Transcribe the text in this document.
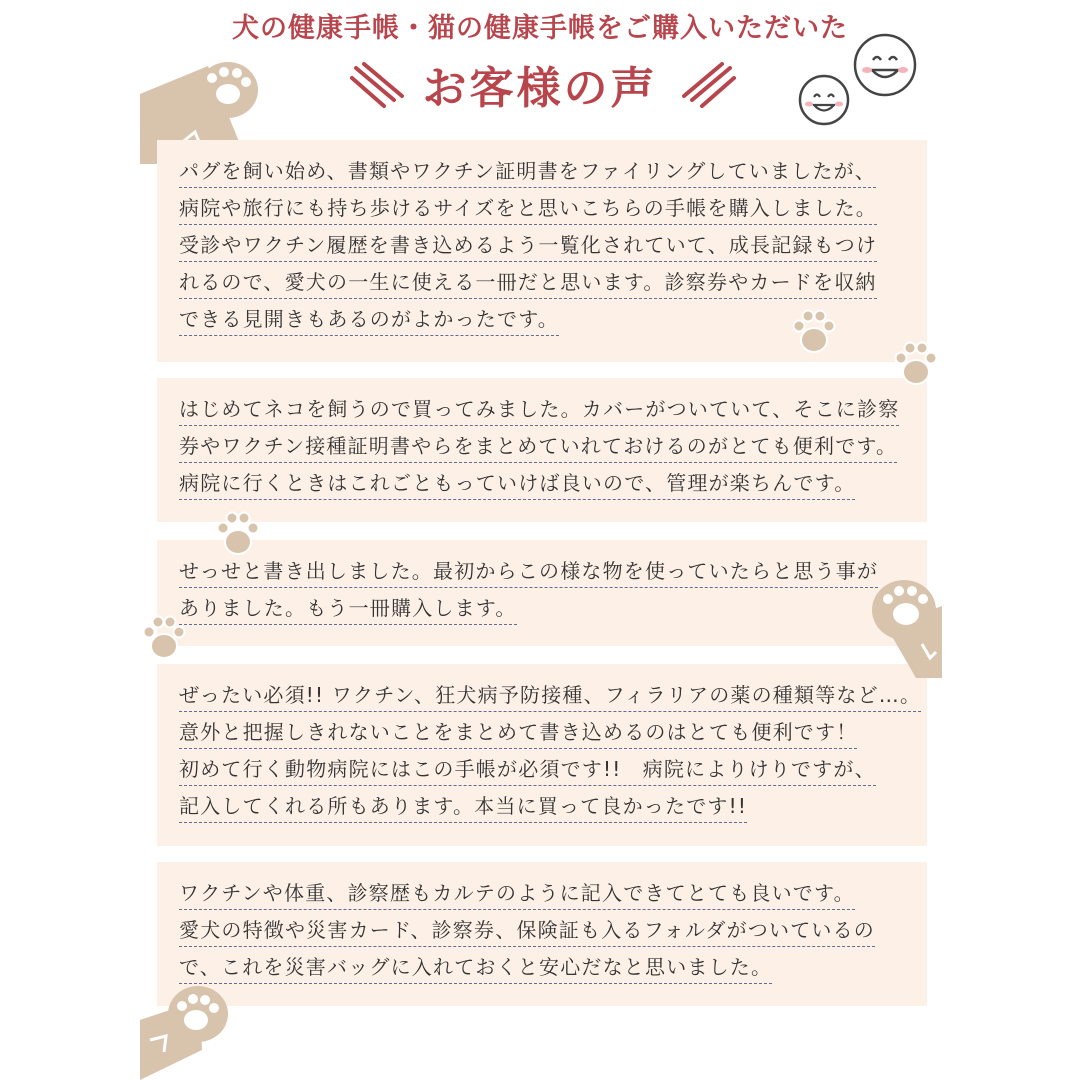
犬の健康手帳・猫の健康手帳をご購入いただいた
お客様の声
パグを飼い始め、書類やワクチン証明書をファイリングしていましたが、
病院や旅行にも持ち歩けるサイズをと思いこちらの手帳を購入しました。
受診やワクチン履歴を書き込めるよう一覧化されていて、成長記録もつけ
れるので、愛犬の一生に使える一冊だと思います。診察券やカードを収納
できる見開きもあるのがよかったです。
はじめてネコを飼うので買ってみました。カバーがついていて、そこに診察
券やワクチン接種証明書やらをまとめていれておけるのがとても便利です。
病院に行くときはこれごともっていけば良いので、管理が楽ちんです。
せっせと書き出しました。最初からこの様な物を使っていたらと思う事が
ありました。もう一冊購入します。
ぜったい必須!! ワクチン、狂犬病予防接種、フィラリアの薬の種類等など…。
意外と把握しきれないことをまとめて書き込めるのはとても便利です！
初めて行く動物病院にはこの手帳が必須です!!　病院によりけりですが、
記入してくれる所もあります。本当に買って良かったです!!
ワクチンや体重、診察歴もカルテのように記入できてとても良いです。
愛犬の特徴や災害カード、診察券、保険証も入るフォルダがついているの
で、これを災害バッグに入れておくと安心だなと思いました。
